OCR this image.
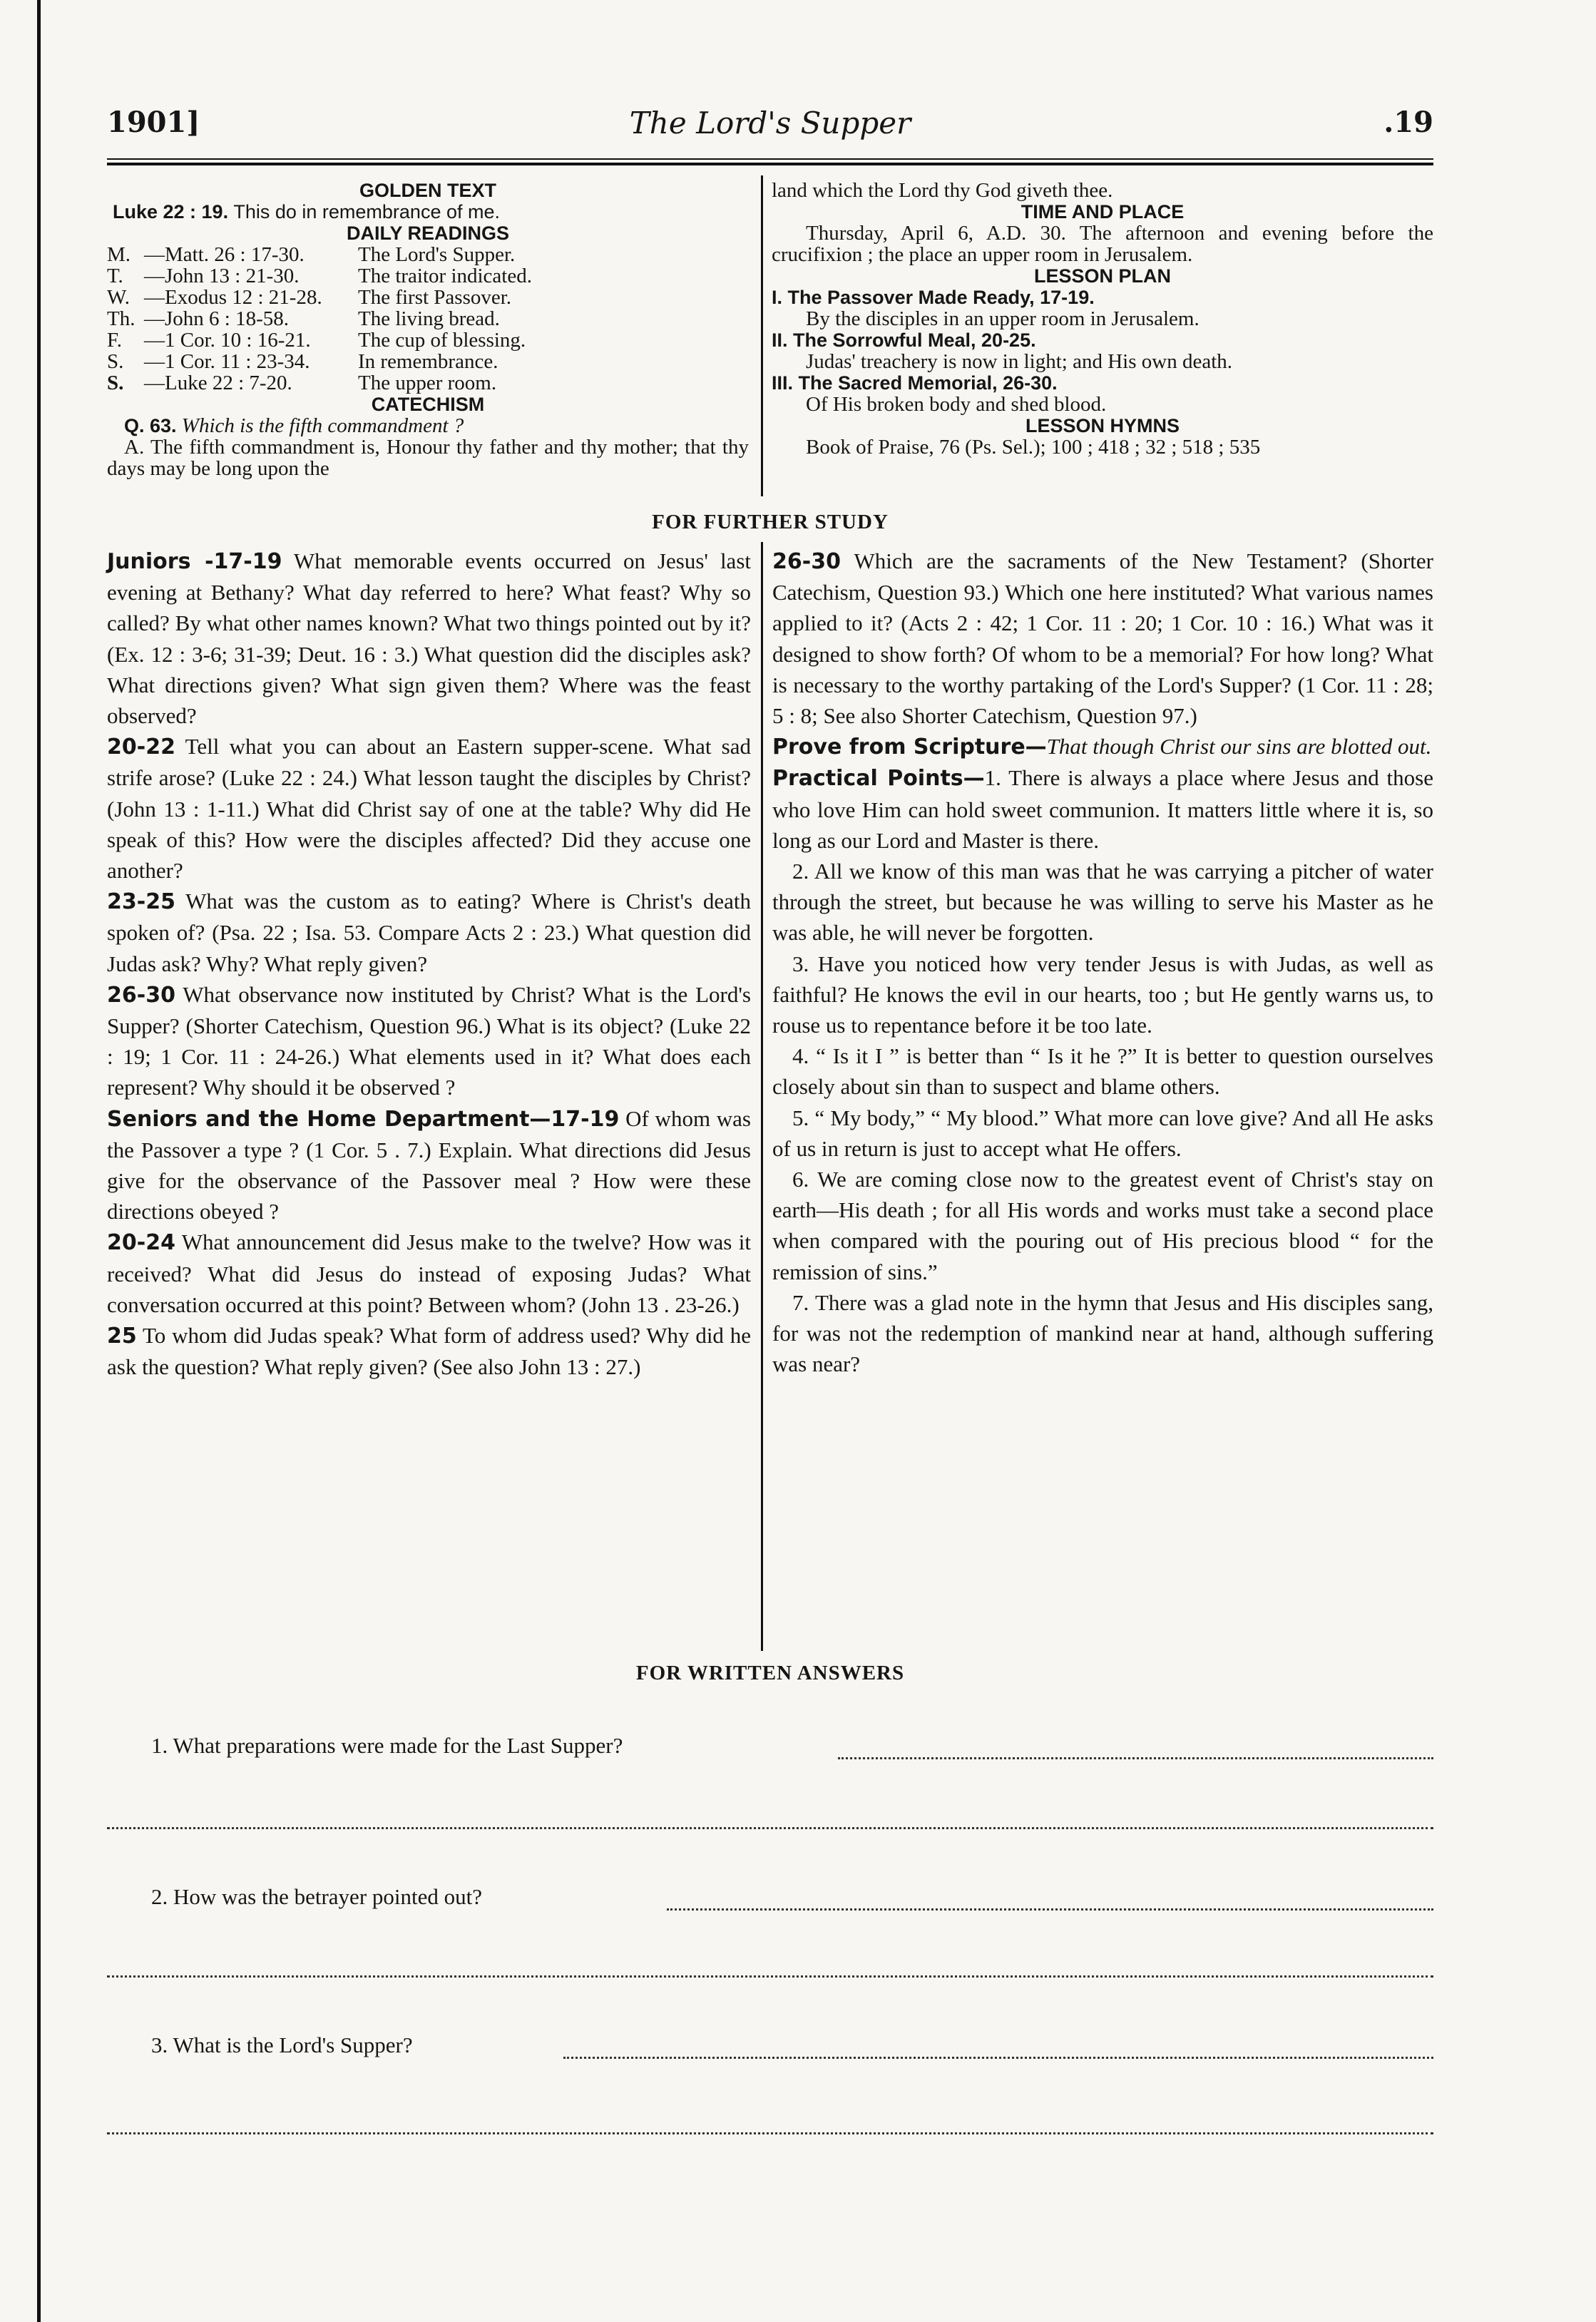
1901]	The Lord's Supper	.19
GOLDEN TEXT
Luke 22 : 19. This do in remembrance of me.
DAILY READINGS
M. —Matt. 26 : 17-30.	The Lord's Supper.
T.	—John 13 : 21-30.	The traitor indicated.
W. —Exodus 12 : 21-28.	The first Passover.
Th. —John 6 : 18-58.	The living bread.
F.	—1 Cor. 10 : 16-21.	The cup of blessing.
S. —1 Cor. 11 : 23-34.	In remembrance.
S. —Luke 22 : 7-20.	The upper room.
CATECHISM
Q. 63. Which is the fifth commandment ?
A. The fifth commandment is, Honour thy father and thy mother; that thy days may be long upon the
land which the Lord thy God giveth thee.
TIME AND PLACE
Thursday, April 6, A.D. 30. The afternoon and evening before the crucifixion ; the place an upper room in Jerusalem.
LESSON PLAN
I. The Passover Made Ready, 17-19.
By the disciples in an upper room in Jerusalem.
II. The Sorrowful Meal, 20-25.
Judas' treachery is now in light; and His own death.
III. The Sacred Memorial, 26-30.
Of His broken body and shed blood.
LESSON HYMNS
Book of Praise, 76 (Ps. Sel.); 100 ; 418 ; 32 ; 518 ; 535
FOR FURTHER STUDY

Juniors -17-19 What memorable events occurred on Jesus' last evening at Bethany? What day referred to here? What feast? Why so called? By what other names known? What two things pointed out by it? (Ex. 12 : 3-6; 31-39; Deut. 16 : 3.) What question did the disciples ask? What directions given? What sign given them? Where was the feast observed?

20-22 Tell what you can about an Eastern supper-scene. What sad strife arose? (Luke 22 : 24.) What lesson taught the disciples by Christ? (John 13 : 1-11.) What did Christ say of one at the table? Why did He speak of this? How were the disciples affected? Did they accuse one another?

23-25 What was the custom as to eating? Where is Christ's death spoken of? (Psa. 22 ; Isa. 53. Compare Acts 2 : 23.) What question did Judas ask? Why? What reply given?

26-30 What observance now instituted by Christ? What is the Lord's Supper? (Shorter Catechism, Question 96.) What is its object? (Luke 22 : 19; 1 Cor. 11 : 24-26.) What elements used in it? What does each represent? Why should it be observed ?

Seniors and the Home Department—17-19 Of whom was the Passover a type ? (1 Cor. 5 . 7.) Explain. What directions did Jesus give for the observance of the Passover meal ? How were these directions obeyed ?

20-24 What announcement did Jesus make to the twelve? How was it received? What did Jesus do instead of exposing Judas? What conversation occurred at this point? Between whom? (John 13 . 23-26.)

25 To whom did Judas speak? What form of address used? Why did he ask the question? What reply given? (See also John 13 : 27.)

26-30 Which are the sacraments of the New Testament? (Shorter Catechism, Question 93.) Which one here instituted? What various names applied to it? (Acts 2 : 42; 1 Cor. 11 : 20; 1 Cor. 10 : 16.) What was it designed to show forth? Of whom to be a memorial? For how long? What is necessary to the worthy partaking of the Lord's Supper? (1 Cor. 11 : 28; 5 : 8; See also Shorter Catechism, Question 97.)

Prove from Scripture—That though Christ our sins are blotted out.

Practical Points—1. There is always a place where Jesus and those who love Him can hold sweet communion. It matters little where it is, so long as our Lord and Master is there.

2. All we know of this man was that he was carrying a pitcher of water through the street, but because he was willing to serve his Master as he was able, he will never be forgotten.

3. Have you noticed how very tender Jesus is with Judas, as well as faithful? He knows the evil in our hearts, too ; but He gently warns us, to rouse us to repentance before it be too late.

4. “ Is it I ” is better than “ Is it he ?” It is better to question ourselves closely about sin than to suspect and blame others.

5. “ My body,” “ My blood.” What more can love give? And all He asks of us in return is just to accept what He offers.

6. We are coming close now to the greatest event of Christ's stay on earth—His death ; for all His words and works must take a second place when compared with the pouring out of His precious blood “ for the remission of sins.”

7. There was a glad note in the hymn that Jesus and His disciples sang, for was not the redemption of mankind near at hand, although suffering was near?

FOR WRITTEN ANSWERS
1. What preparations were made for the Last Supper?
2. How was the betrayer pointed out?
3. What is the Lord's Supper?
